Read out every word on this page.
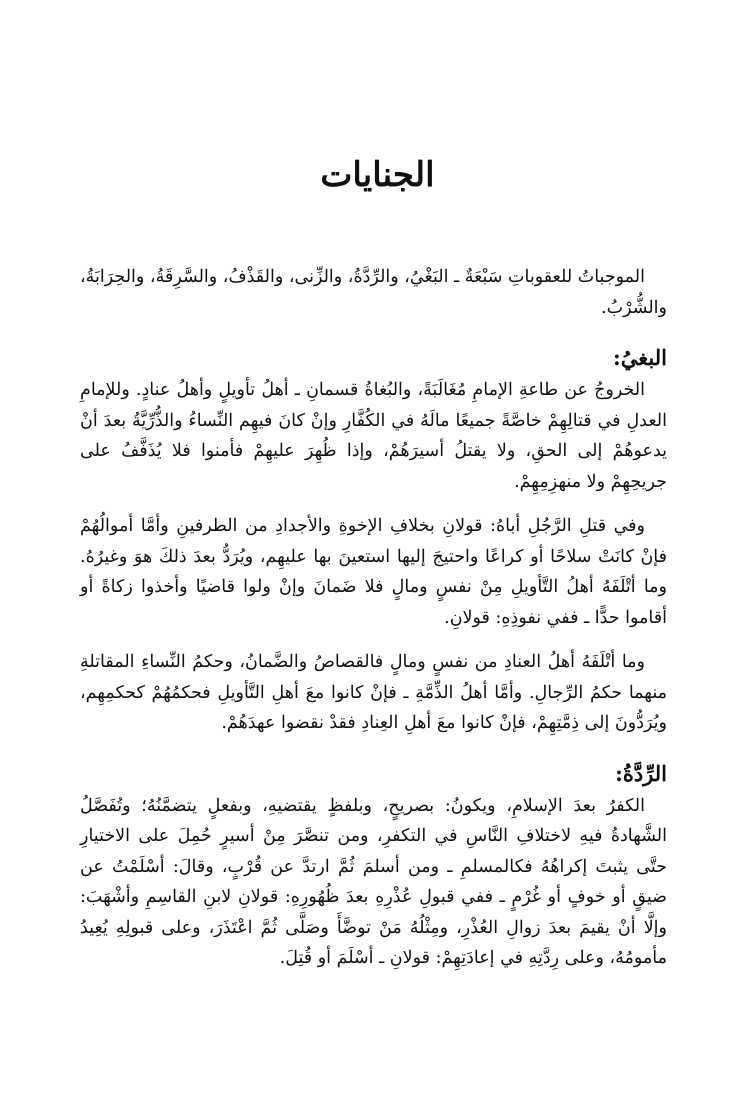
الجنايات

الموجباتُ للعقوباتِ سَبْعَةٌ ـ البَغْيُ، والرِّدَّةُ، والزِّنى، والقَذْفُ، والسَّرِقَةُ، والحِرَابَةُ، والشُّرْبُ.

البغيُ:

الخروجُ عن طاعةِ الإمامِ مُغَالَبَةً، والبُغاةُ قسمانِ ـ أهلُ تأويلٍ وأهلُ عنادٍ. وللإمامِ العدلِ في قتالِهِمْ خاصَّةً جميعًا مالَهُ في الكُفَّارِ وإنْ كانَ فيهِم النِّساءُ والذُّرِّيَّةُ بعدَ أنْ يدعوهُمْ إلى الحقِ، ولا يقتلُ أسيرَهُمْ، وإذا ظُهِرَ عليهِمْ فأمنوا فلا يُذَفَّفُ على جريحِهِمْ ولا منهزِمِهِمْ.

وفي قتلِ الرَّجُلِ أباهُ: قولانِ بخلافِ الإخوةِ والأجدادِ من الطرفينِ وأمَّا أموالُهُمْ فإنْ كانَتْ سلاحًا أو كراعًا واحتيجَ إليها استعينَ بها عليهِم، ويُرَدُّ بعدَ ذلكَ هوَ وغيرُهُ. وما أتْلَفَهُ أهلُ التَّأويلِ مِنْ نفسٍ ومالٍ فلا ضَمانَ وإنْ ولوا قاضيًا وأخذوا زكاةً أو أقاموا حدًّا ـ ففي نفوذِهِ: قولانِ.

وما أتْلَفَهُ أهلُ العنادِ من نفسٍ ومالٍ فالقصاصُ والضَّمانُ، وحكمُ النِّساءِ المقاتلةِ منهما حكمُ الرِّجالِ. وأمَّا أهلُ الذِّمَّةِ ـ فإنْ كانوا معَ أهلِ التَّأويلِ فحكمُهُمْ كحكمِهِم، ويُرَدُّونَ إلى ذِمَّتِهِمْ، فإنْ كانوا معَ أهلِ العِنادِ فقدْ نقضوا عهدَهُمْ.

الرِّدَّةُ:

الكفرُ بعدَ الإسلامِ، ويكونُ: بصريحٍ، وبلفظٍ يقتضيهِ، وبفعلٍ يتضمَّنُهُ؛ وتُفَصَّلُ الشَّهادةُ فيهِ لاختلافِ النَّاسِ في التكفرِ، ومن تنصَّرَ مِنْ أسيرٍ حُمِلَ على الاختيارِ حتَّى يثبتَ إكراهُهُ فكالمسلمِ ـ ومن أسلمَ ثُمَّ ارتدَّ عن قُرْبٍ، وقالَ: أسْلَمْتُ عن ضيقٍ أو خوفٍ أو غُرْمٍ ـ ففي قبولِ عُذْرِهِ بعدَ ظُهُورِهِ: قولانِ لابنِ القاسِمِ وأشْهَبَ: وإلَّا أنْ يقيمَ بعدَ زوالِ العُذْرِ، ومِثْلُهُ مَنْ توضَّأَ وصَلَّى ثُمَّ اعْتَذَرَ، وعلى قبولِهِ يُعِيدُ مأمومُهُ، وعلى رِدَّتِهِ في إعادَتِهِمْ: قولانِ ـ أسْلَمَ أو قُتِلَ.
